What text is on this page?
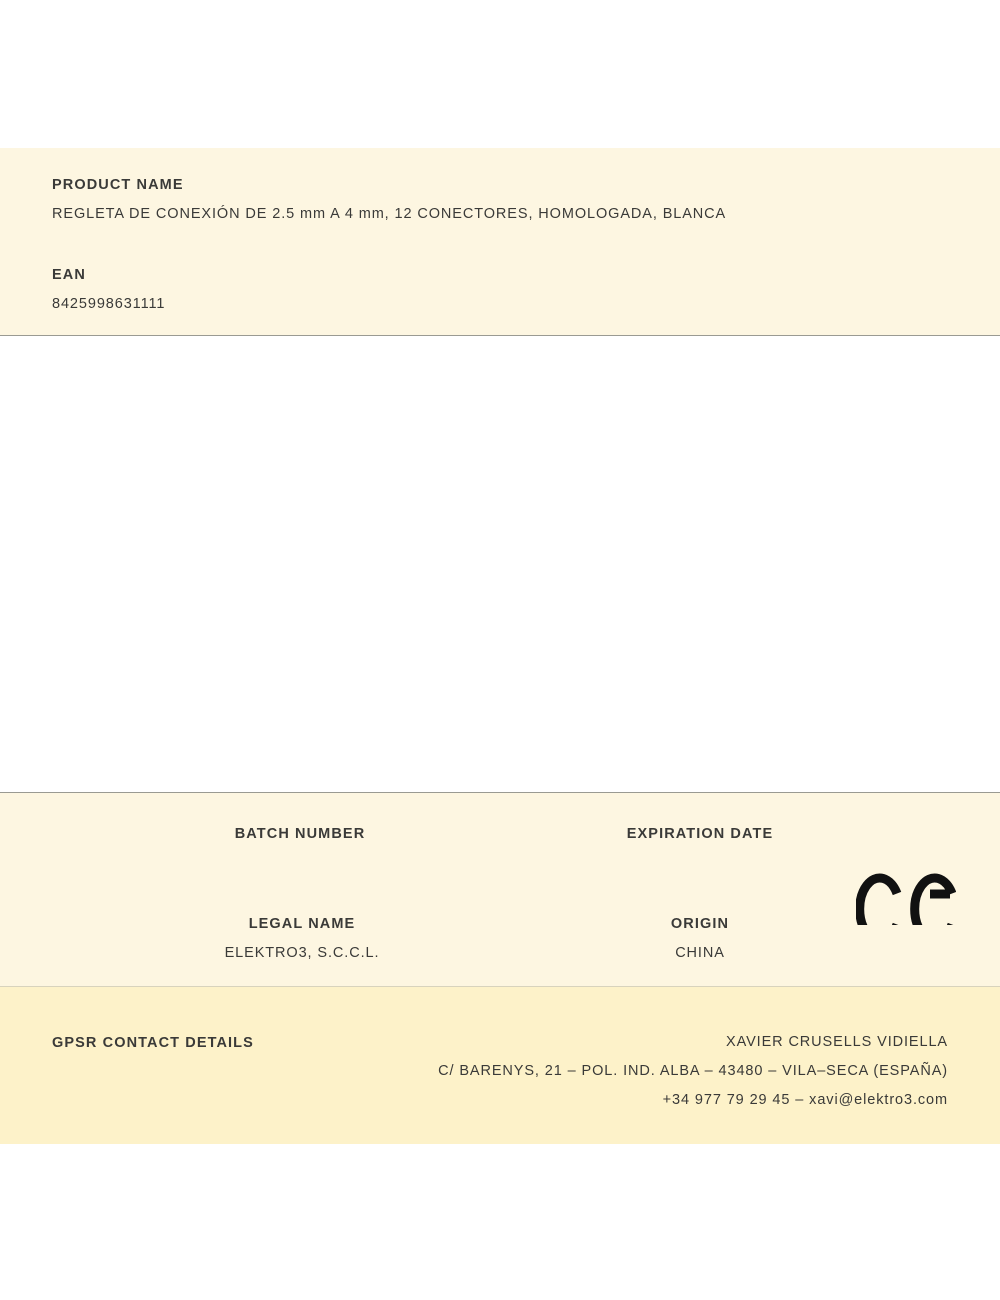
PRODUCT NAME
REGLETA DE CONEXIÓN DE 2.5 mm A 4 mm, 12 CONECTORES, HOMOLOGADA, BLANCA
EAN
8425998631111
BATCH NUMBER	EXPIRATION DATE
LEGAL NAME
ELEKTRO3, S.C.C.L.
ORIGIN
CHINA
GPSR CONTACT DETAILS	XAVIER CRUSELLS VIDIELLA
C/ BARENYS, 21 – POL. IND. ALBA – 43480 – VILA–SECA (ESPAÑA)
+34 977 79 29 45 – xavi@elektro3.com
